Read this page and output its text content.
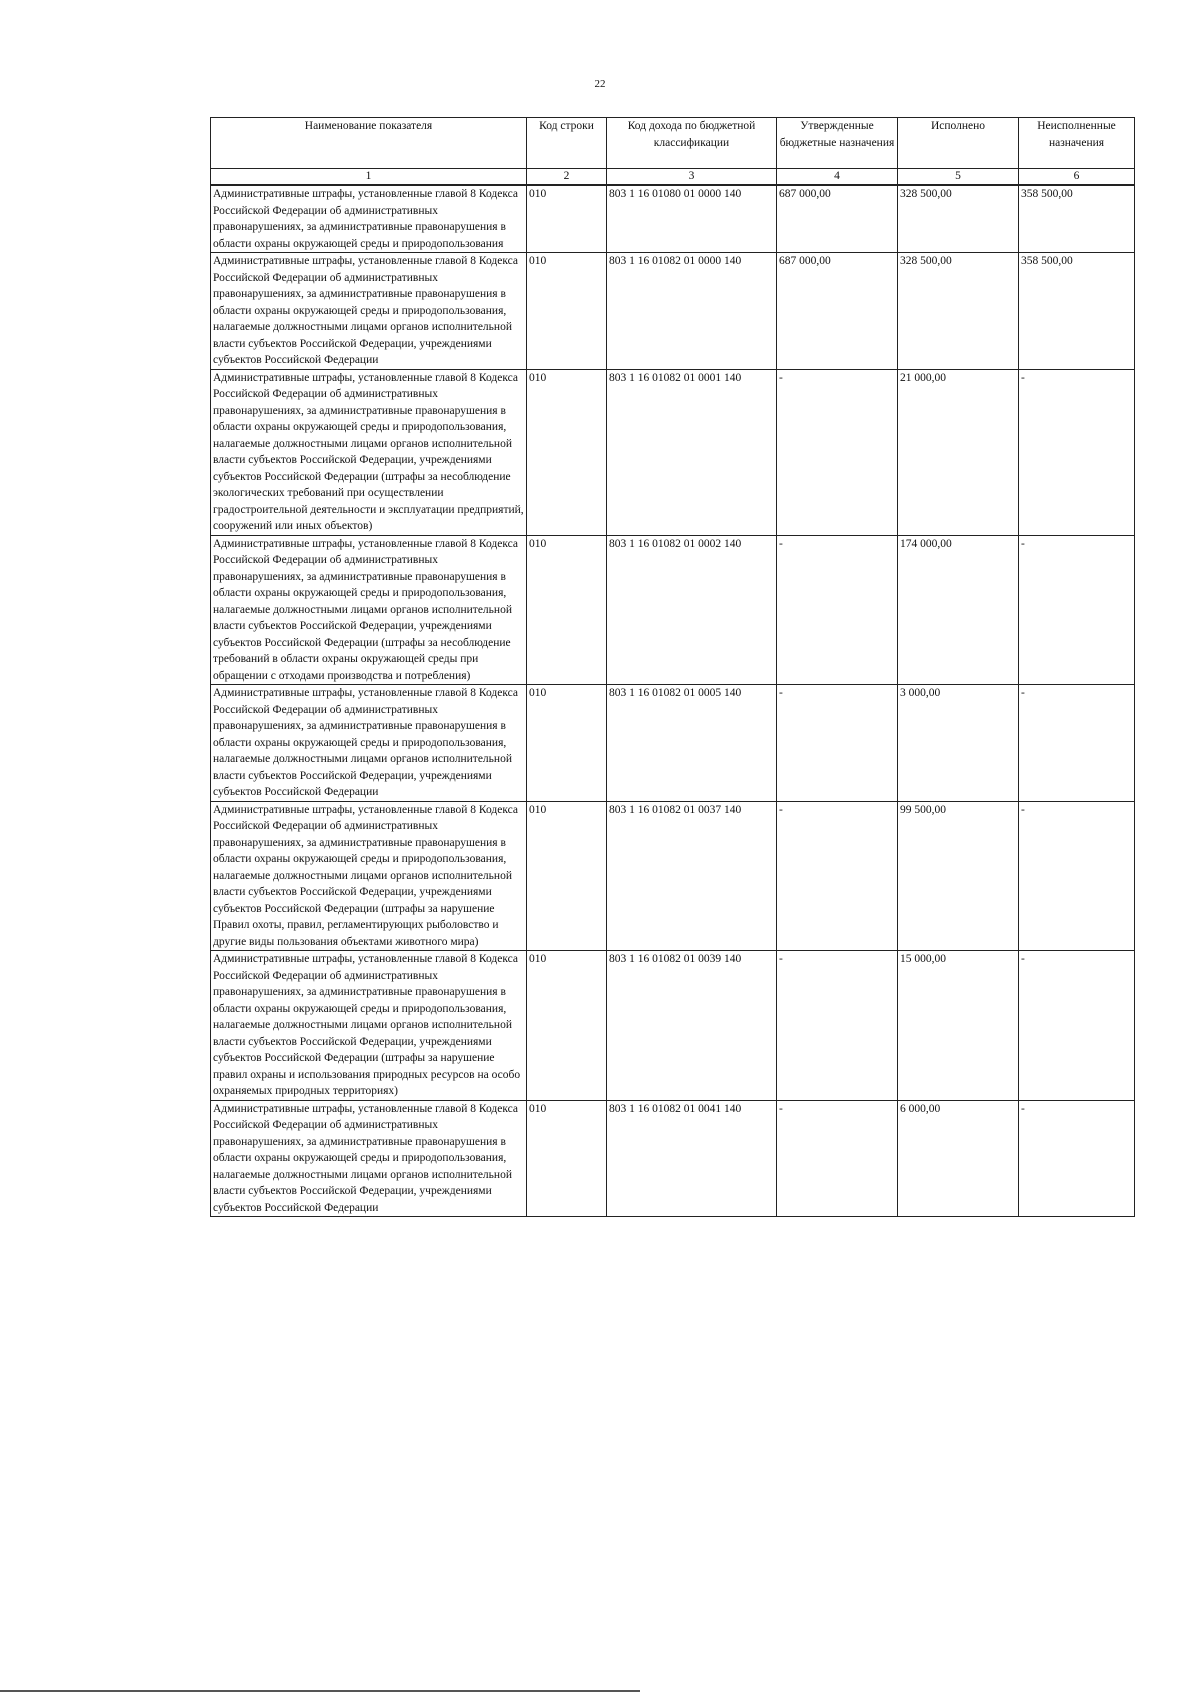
22
Наименование показателя	Код строки	Код дохода по бюджетной классификации	Утвержденные бюджетные назначения	Исполнено	Неисполненные назначения
1	2	3	4	5	6
Административные штрафы, установленные главой 8 Кодекса Российской Федерации об административных правонарушениях, за административные правонарушения в области охраны окружающей среды и природопользования	010	803 1 16 01080 01 0000 140	687 000,00	328 500,00	358 500,00
Административные штрафы, установленные главой 8 Кодекса Российской Федерации об административных правонарушениях, за административные правонарушения в области охраны окружающей среды и природопользования, налагаемые должностными лицами органов исполнительной власти субъектов Российской Федерации, учреждениями субъектов Российской Федерации	010	803 1 16 01082 01 0000 140	687 000,00	328 500,00	358 500,00
Административные штрафы, установленные главой 8 Кодекса Российской Федерации об административных правонарушениях, за административные правонарушения в области охраны окружающей среды и природопользования, налагаемые должностными лицами органов исполнительной власти субъектов Российской Федерации, учреждениями субъектов Российской Федерации (штрафы за несоблюдение экологических требований при осуществлении градостроительной деятельности и эксплуатации предприятий, сооружений или иных объектов)	010	803 1 16 01082 01 0001 140	-	21 000,00	-
Административные штрафы, установленные главой 8 Кодекса Российской Федерации об административных правонарушениях, за административные правонарушения в области охраны окружающей среды и природопользования, налагаемые должностными лицами органов исполнительной власти субъектов Российской Федерации, учреждениями субъектов Российской Федерации (штрафы за несоблюдение требований в области охраны окружающей среды при обращении с отходами производства и потребления)	010	803 1 16 01082 01 0002 140	-	174 000,00	-
Административные штрафы, установленные главой 8 Кодекса Российской Федерации об административных правонарушениях, за административные правонарушения в области охраны окружающей среды и природопользования, налагаемые должностными лицами органов исполнительной власти субъектов Российской Федерации, учреждениями субъектов Российской Федерации	010	803 1 16 01082 01 0005 140	-	3 000,00	-
Административные штрафы, установленные главой 8 Кодекса Российской Федерации об административных правонарушениях, за административные правонарушения в области охраны окружающей среды и природопользования, налагаемые должностными лицами органов исполнительной власти субъектов Российской Федерации, учреждениями субъектов Российской Федерации (штрафы за нарушение Правил охоты, правил, регламентирующих рыболовство и другие виды пользования объектами животного мира)	010	803 1 16 01082 01 0037 140	-	99 500,00	-
Административные штрафы, установленные главой 8 Кодекса Российской Федерации об административных правонарушениях, за административные правонарушения в области охраны окружающей среды и природопользования, налагаемые должностными лицами органов исполнительной власти субъектов Российской Федерации, учреждениями субъектов Российской Федерации (штрафы за нарушение правил охраны и использования природных ресурсов на особо охраняемых природных территориях)	010	803 1 16 01082 01 0039 140	-	15 000,00	-
Административные штрафы, установленные главой 8 Кодекса Российской Федерации об административных правонарушениях, за административные правонарушения в области охраны окружающей среды и природопользования, налагаемые должностными лицами органов исполнительной власти субъектов Российской Федерации, учреждениями субъектов Российской Федерации	010	803 1 16 01082 01 0041 140	-	6 000,00	-
